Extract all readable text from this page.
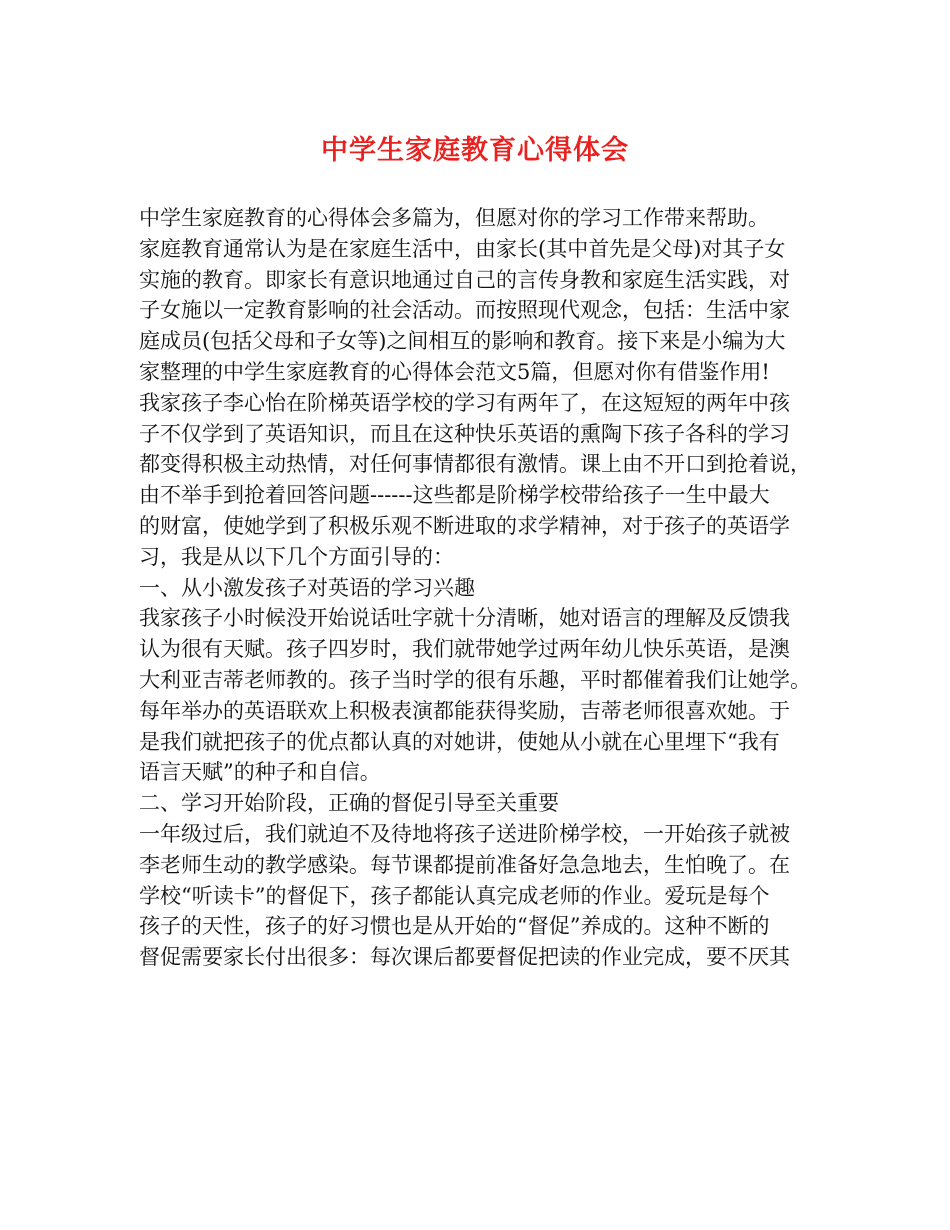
中学生家庭教育心得体会
中学生家庭教育的心得体会多篇为，但愿对你的学习工作带来帮助。
家庭教育通常认为是在家庭生活中，由家长(其中首先是父母)对其子女
实施的教育。即家长有意识地通过自己的言传身教和家庭生活实践，对
子女施以一定教育影响的社会活动。而按照现代观念，包括：生活中家
庭成员(包括父母和子女等)之间相互的影响和教育。接下来是小编为大
家整理的中学生家庭教育的心得体会范文5篇，但愿对你有借鉴作用!
我家孩子李心怡在阶梯英语学校的学习有两年了，在这短短的两年中孩
子不仅学到了英语知识，而且在这种快乐英语的熏陶下孩子各科的学习
都变得积极主动热情，对任何事情都很有激情。课上由不开口到抢着说，
由不举手到抢着回答问题------这些都是阶梯学校带给孩子一生中最大
的财富，使她学到了积极乐观不断进取的求学精神，对于孩子的英语学
习，我是从以下几个方面引导的：
一、从小激发孩子对英语的学习兴趣
我家孩子小时候没开始说话吐字就十分清晰，她对语言的理解及反馈我
认为很有天赋。孩子四岁时，我们就带她学过两年幼儿快乐英语，是澳
大利亚吉蒂老师教的。孩子当时学的很有乐趣，平时都催着我们让她学。
每年举办的英语联欢上积极表演都能获得奖励，吉蒂老师很喜欢她。于
是我们就把孩子的优点都认真的对她讲，使她从小就在心里埋下“我有
语言天赋”的种子和自信。
二、学习开始阶段，正确的督促引导至关重要
一年级过后，我们就迫不及待地将孩子送进阶梯学校，一开始孩子就被
李老师生动的教学感染。每节课都提前准备好急急地去，生怕晚了。在
学校“听读卡”的督促下，孩子都能认真完成老师的作业。爱玩是每个
孩子的天性，孩子的好习惯也是从开始的“督促”养成的。这种不断的
督促需要家长付出很多：每次课后都要督促把读的作业完成，要不厌其
